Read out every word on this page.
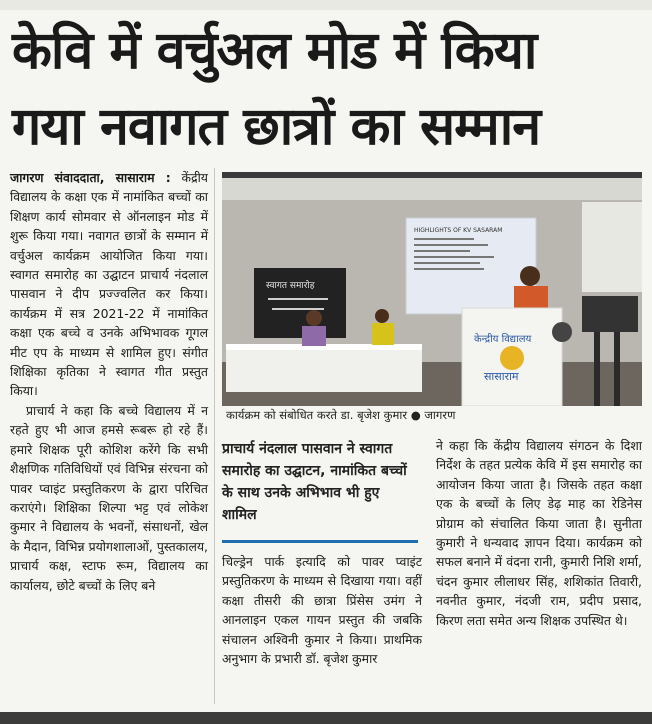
केवि में वर्चुअल मोड में किया
गया नवागत छात्रों का सम्मान

जागरण संवाददाता, सासाराम : केंद्रीय विद्यालय के कक्षा एक में नामांकित बच्चों का शिक्षण कार्य सोमवार से ऑनलाइन मोड में शुरू किया गया। नवागत छात्रों के सम्मान में वर्चुअल कार्यक्रम आयोजित किया गया। स्वागत समारोह का उद्घाटन प्राचार्य नंदलाल पासवान ने दीप प्रज्ज्वलित कर किया। कार्यक्रम में सत्र 2021-22 में नामांकित कक्षा एक बच्चे व उनके अभिभावक गूगल मीट एप के माध्यम से शामिल हुए। संगीत शिक्षिका कृतिका ने स्वागत गीत प्रस्तुत किया।

प्राचार्य ने कहा कि बच्चे विद्यालय में न रहते हुए भी आज हमसे रूबरू हो रहे हैं। हमारे शिक्षक पूरी कोशिश करेंगे कि सभी शैक्षणिक गतिविधियों एवं विभिन्न संरचना को पावर प्वाइंट प्रस्तुतिकरण के द्वारा परिचित कराएंगे। शिक्षिका शिल्पा भट्ट एवं लोकेश कुमार ने विद्यालय के भवनों, संसाधनों, खेल के मैदान, विभिन्न प्रयोगशालाओं, पुस्तकालय, प्राचार्य कक्ष, स्टाफ रूम, विद्यालय का कार्यालय, छोटे बच्चों के लिए बने

HIGHLIGHTS OF KV SASARAM
स्वागत समारोह
केन्द्रीय विद्यालय
सासाराम
कार्यक्रम को संबोधित करते डा. बृजेश कुमार ● जागरण
प्राचार्य नंदलाल पासवान ने स्वागत समारोह का उद्घाटन, नामांकित बच्चों के साथ उनके अभिभाव भी हुए शामिल
चिल्ड्रेन पार्क इत्यादि को पावर प्वाइंट प्रस्तुतिकरण के माध्यम से दिखाया गया। वहीं कक्षा तीसरी की छात्रा प्रिंसेस उमंग ने आनलाइन एकल गायन प्रस्तुत की जबकि संचालन अश्विनी कुमार ने किया। प्राथमिक अनुभाग के प्रभारी डॉ. बृजेश कुमार
ने कहा कि केंद्रीय विद्यालय संगठन के दिशा निर्देश के तहत प्रत्येक केवि में इस समारोह का आयोजन किया जाता है। जिसके तहत कक्षा एक के बच्चों के लिए डेढ़ माह का रेडिनेस प्रोग्राम को संचालित किया जाता है। सुनीता कुमारी ने धन्यवाद ज्ञापन दिया। कार्यक्रम को सफल बनाने में वंदना रानी, कुमारी निशि शर्मा, चंदन कुमार लीलाधर सिंह, शशिकांत तिवारी, नवनीत कुमार, नंदजी राम, प्रदीप प्रसाद, किरण लता समेत अन्य शिक्षक उपस्थित थे।
